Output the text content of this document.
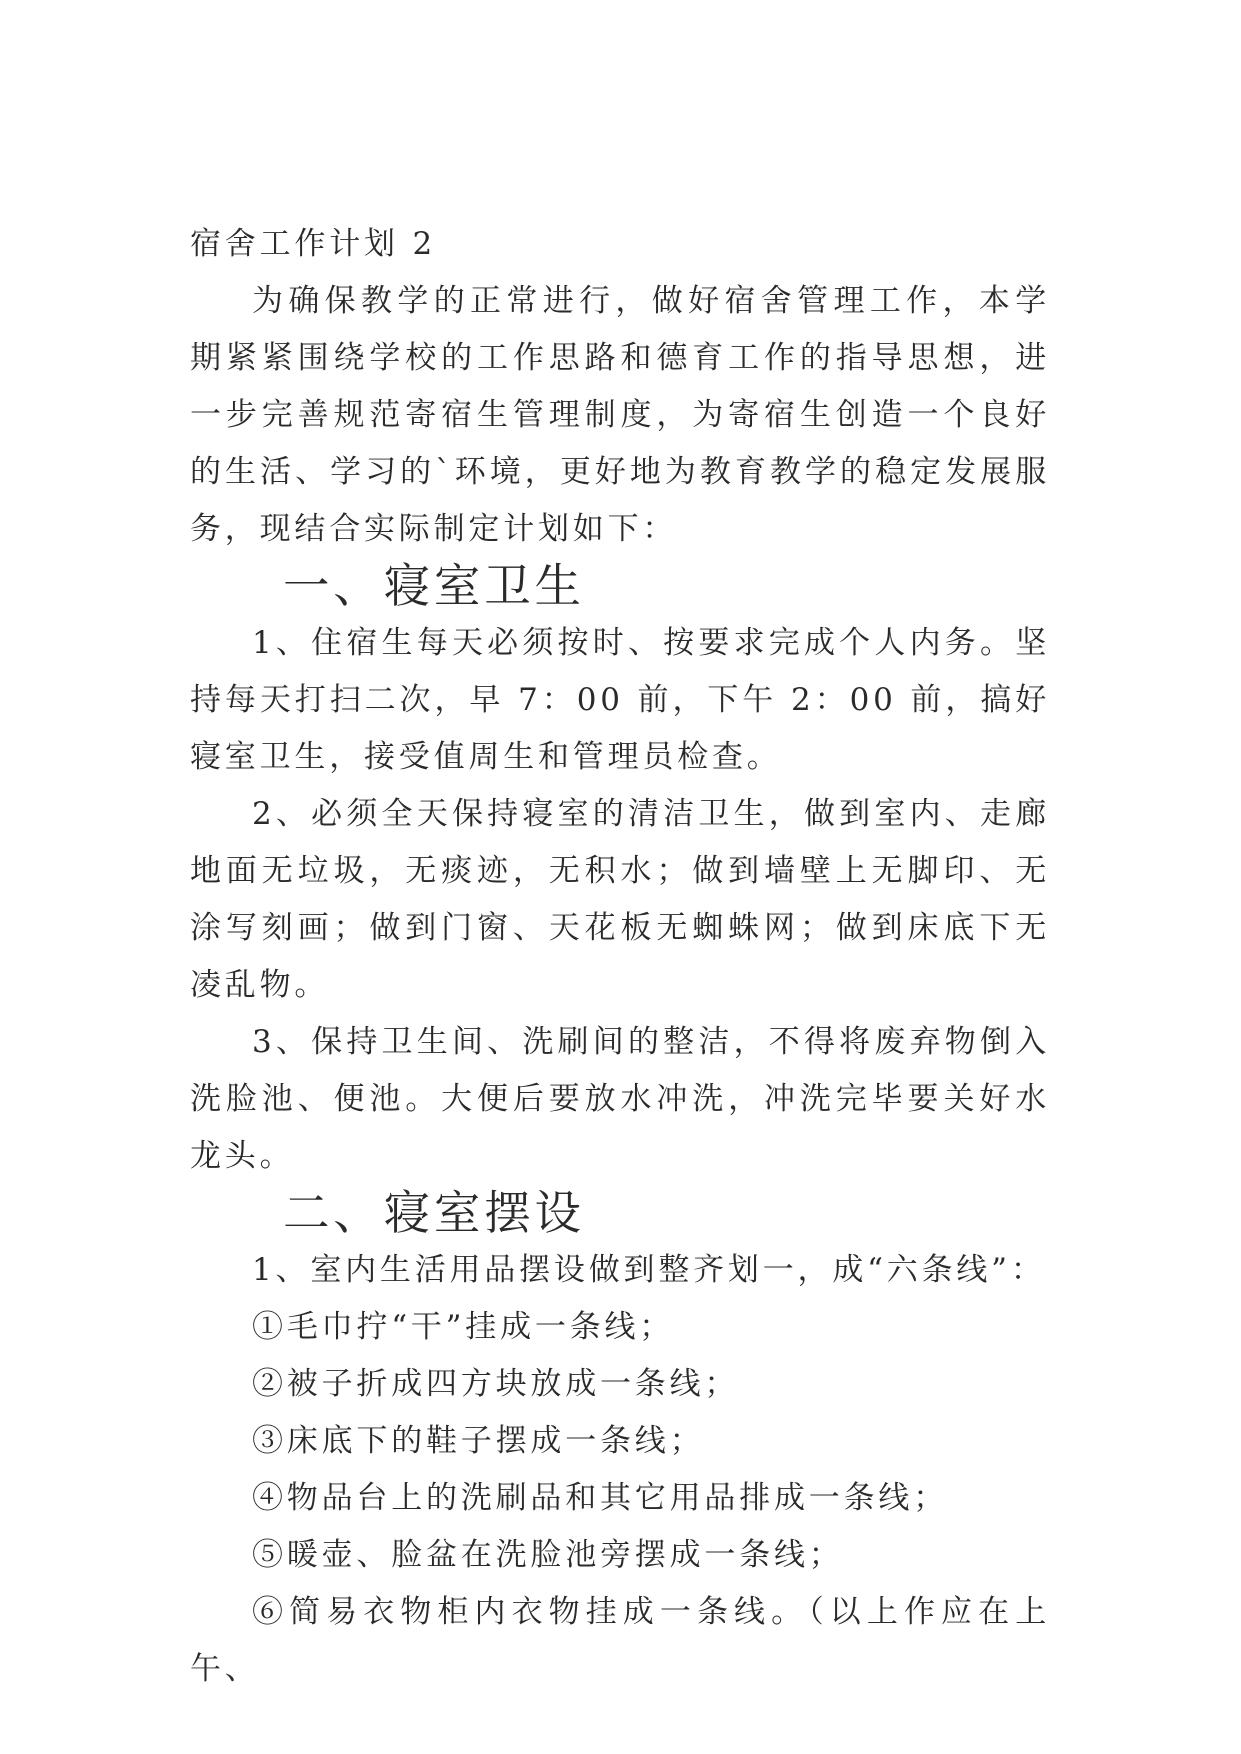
宿舍工作计划 2

为确保教学的正常进行，做好宿舍管理工作，本学期紧紧围绕学校的工作思路和德育工作的指导思想，进一步完善规范寄宿生管理制度，为寄宿生创造一个良好的生活、学习的`环境，更好地为教育教学的稳定发展服务，现结合实际制定计划如下：

一、寝室卫生

1、住宿生每天必须按时、按要求完成个人内务。坚持每天打扫二次，早 7：00 前，下午 2：00 前，搞好寝室卫生，接受值周生和管理员检查。

2、必须全天保持寝室的清洁卫生，做到室内、走廊地面无垃圾，无痰迹，无积水；做到墙壁上无脚印、无涂写刻画；做到门窗、天花板无蜘蛛网；做到床底下无凌乱物。

3、保持卫生间、洗刷间的整洁，不得将废弃物倒入洗脸池、便池。大便后要放水冲洗，冲洗完毕要关好水龙头。

二、寝室摆设

1、室内生活用品摆设做到整齐划一，成“六条线”：

①毛巾拧“干”挂成一条线；

②被子折成四方块放成一条线；

③床底下的鞋子摆成一条线；

④物品台上的洗刷品和其它用品排成一条线；

⑤暖壶、脸盆在洗脸池旁摆成一条线；

⑥简易衣物柜内衣物挂成一条线。（以上作应在上午、
